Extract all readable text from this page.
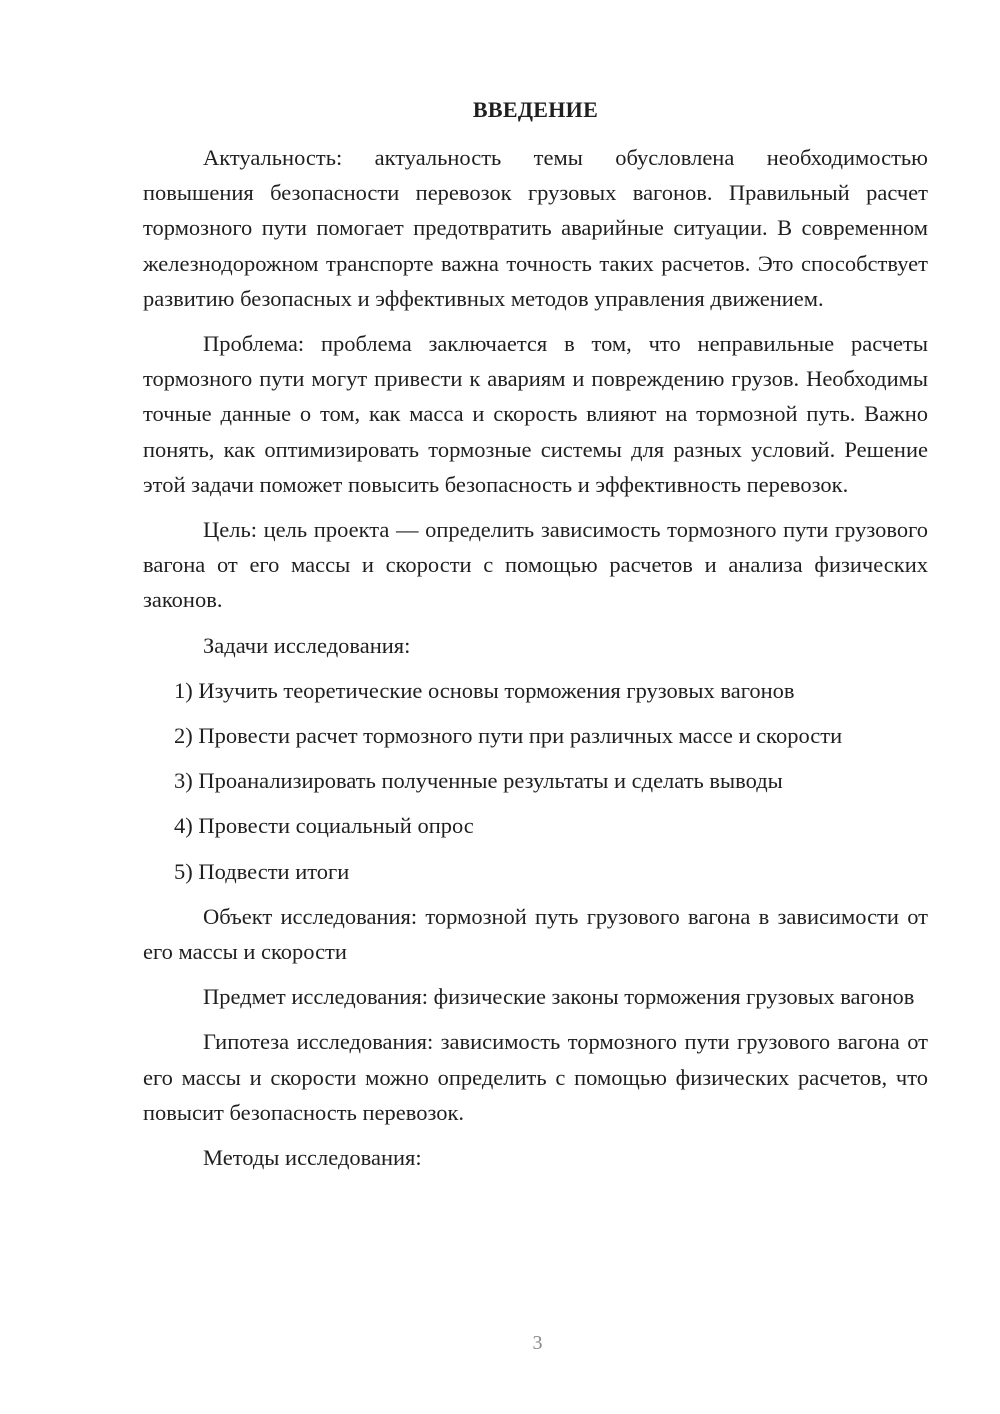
ВВЕДЕНИЕ

Актуальность: актуальность темы обусловлена необходимостью повышения безопасности перевозок грузовых вагонов. Правильный расчет тормозного пути помогает предотвратить аварийные ситуации. В современном железнодорожном транспорте важна точность таких расчетов. Это способствует развитию безопасных и эффективных методов управления движением.

Проблема: проблема заключается в том, что неправильные расчеты тормозного пути могут привести к авариям и повреждению грузов. Необходимы точные данные о том, как масса и скорость влияют на тормозной путь. Важно понять, как оптимизировать тормозные системы для разных условий. Решение этой задачи поможет повысить безопасность и эффективность перевозок.

Цель: цель проекта — определить зависимость тормозного пути грузового вагона от его массы и скорости с помощью расчетов и анализа физических законов.

Задачи исследования:

1) Изучить теоретические основы торможения грузовых вагонов
2) Провести расчет тормозного пути при различных массе и скорости
3) Проанализировать полученные результаты и сделать выводы
4) Провести социальный опрос
5) Подвести итоги

Объект исследования: тормозной путь грузового вагона в зависимости от его массы и скорости

Предмет исследования: физические законы торможения грузовых вагонов

Гипотеза исследования: зависимость тормозного пути грузового вагона от его массы и скорости можно определить с помощью физических расчетов, что повысит безопасность перевозок.

Методы исследования:

3
